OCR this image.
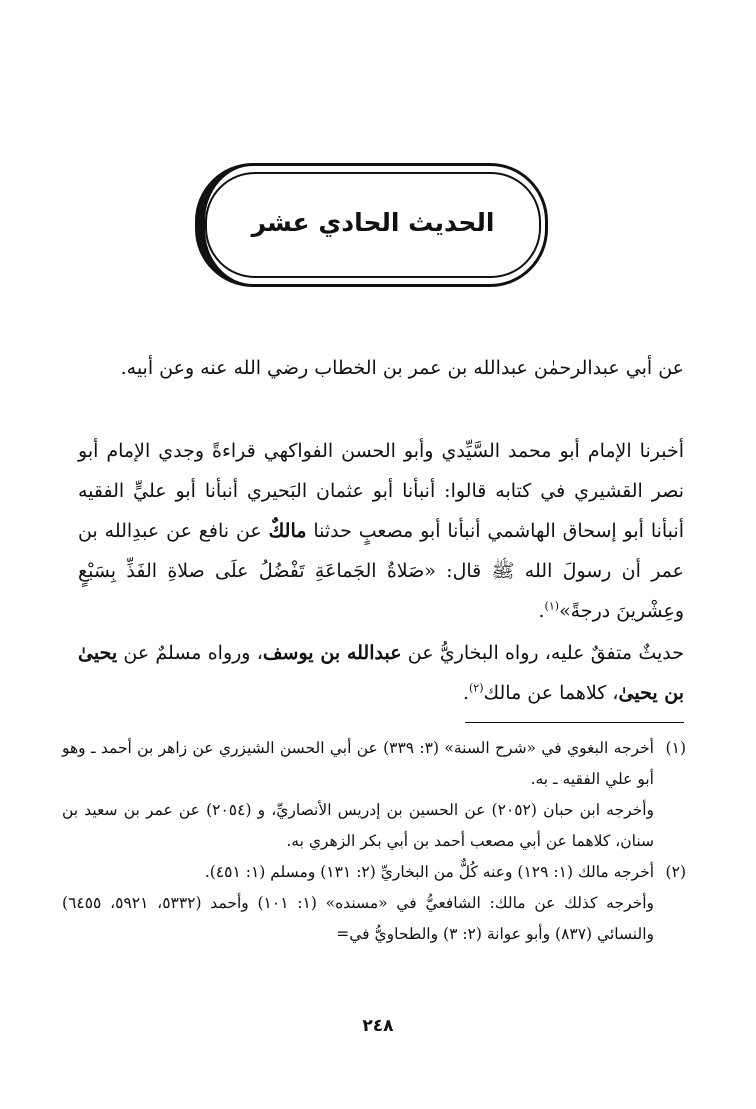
الحديث الحادي عشر
عن أبي عبدالرحمٰن عبدالله بن عمر بن الخطاب رضي الله عنه وعن أبيه.
أخبرنا الإمام أبو محمد السَّيِّدي وأبو الحسن الفواكهي قراءةً وجدي الإمام أبو نصر القشيري في كتابه قالوا: أنبأنا أبو عثمان البَحيري أنبأنا أبو عليٍّ الفقيه أنبأنا أبو إسحاق الهاشمي أنبأنا أبو مصعبٍ حدثنا مالكٌ عن نافع عن عبدِالله بن عمر أن رسولَ الله ﷺ قال: «صَلاةُ الجَماعَةِ تَفْضُلُ علَى صلاةِ الفَذِّ بِسَبْعٍ وعِشْرينَ درجةً»$^{(١)}$.
حديثٌ متفقٌ عليه، رواه البخاريُّ عن عبدالله بن يوسف، ورواه مسلمٌ عن يحيىٰ بن يحيىٰ، كلاهما عن مالك$^{(٢)}$.
(١)
أخرجه البغوي في «شرح السنة» (٣: ٣٣٩) عن أبي الحسن الشيزري عن زاهر بن أحمد ـ وهو أبو علي الفقيه ـ به.
وأخرجه ابن حبان (٢٠٥٢) عن الحسين بن إدريس الأنصاريِّ، و (٢٠٥٤) عن عمر بن سعيد بن سنان، كلاهما عن أبي مصعب أحمد بن أبي بكر الزهري به.
(٢)
أخرجه مالك (١: ١٢٩) وعنه كُلٌّ من البخاريِّ (٢: ١٣١) ومسلم (١: ٤٥١).
وأخرجه كذلك عن مالك: الشافعيُّ في «مسنده» (١: ١٠١) وأحمد (٥٣٣٢، ٥٩٢١، ٦٤٥٥) والنسائي (٨٣٧) وأبو عوانة (٢: ٣) والطحاويُّ في=
٢٤٨
